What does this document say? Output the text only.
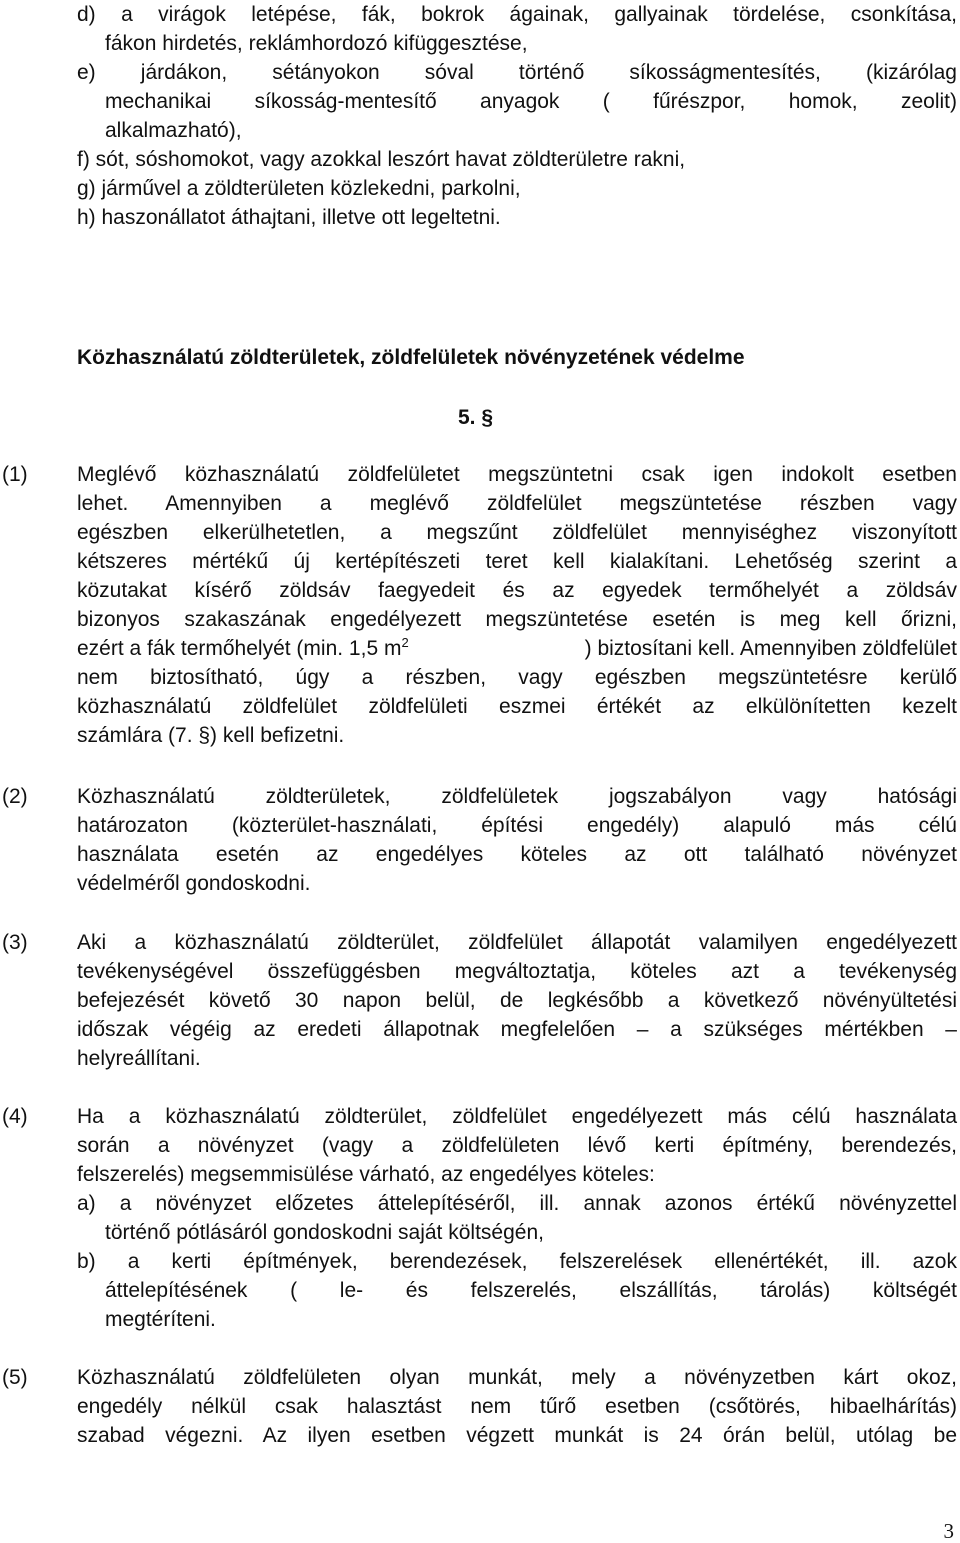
d) a virágok letépése, fák, bokrok ágainak, gallyainak tördelése, csonkítása,
fákon hirdetés, reklámhordozó kifüggesztése,
e) járdákon, sétányokon sóval történő síkosságmentesítés, (kizárólag
mechanikai síkosság-mentesítő anyagok ( fűrészpor, homok, zeolit)
alkalmazható),
f) sót, sóshomokot, vagy azokkal leszórt havat zöldterületre rakni,
g) járművel a zöldterületen közlekedni, parkolni,
h) haszonállatot áthajtani, illetve ott legeltetni.
Közhasználatú zöldterületek, zöldfelületek növényzetének védelme
5. §
(1) Meglévő közhasználatú zöldfelületet megszüntetni csak igen indokolt esetben
lehet. Amennyiben a meglévő zöldfelület megszüntetése részben vagy
egészben elkerülhetetlen, a megszűnt zöldfelület mennyiséghez viszonyított
kétszeres mértékű új kertépítészeti teret kell kialakítani. Lehetőség szerint a
közutakat kísérő zöldsáv faegyedeit és az egyedek termőhelyét a zöldsáv
bizonyos szakaszának engedélyezett megszüntetése esetén is meg kell őrizni,
ezért a fák termőhelyét (min. 1,5 $m^2$	) biztosítani kell. Amennyiben zöldfelület
nem biztosítható, úgy a részben, vagy egészben megszüntetésre kerülő
közhasználatú zöldfelület zöldfelületi eszmei értékét az elkülönítetten kezelt
számlára (7. §) kell befizetni.
(2) Közhasználatú zöldterületek, zöldfelületek jogszabályon vagy hatósági
határozaton (közterület-használati, építési engedély) alapuló más célú
használata esetén az engedélyes köteles az ott található növényzet
védelméről gondoskodni.
(3) Aki a közhasználatú zöldterület, zöldfelület állapotát valamilyen engedélyezett
tevékenységével összefüggésben megváltoztatja, köteles azt a tevékenység
befejezését követő 30 napon belül, de legkésőbb a következő növényültetési
időszak végéig az eredeti állapotnak megfelelően – a szükséges mértékben –
helyreállítani.
(4) Ha a közhasználatú zöldterület, zöldfelület engedélyezett más célú használata
során a növényzet (vagy a zöldfelületen lévő kerti építmény, berendezés,
felszerelés) megsemmisülése várható, az engedélyes köteles:
a) a növényzet előzetes áttelepítéséről, ill. annak azonos értékű növényzettel
történő pótlásáról gondoskodni saját költségén,
b) a kerti építmények, berendezések, felszerelések ellenértékét, ill. azok
áttelepítésének ( le- és felszerelés, elszállítás, tárolás) költségét
megtéríteni.
(5) Közhasználatú zöldfelületen olyan munkát, mely a növényzetben kárt okoz,
engedély nélkül csak halasztást nem tűrő esetben (csőtörés, hibaelhárítás)
szabad végezni. Az ilyen esetben végzett munkát is 24 órán belül, utólag be
3
